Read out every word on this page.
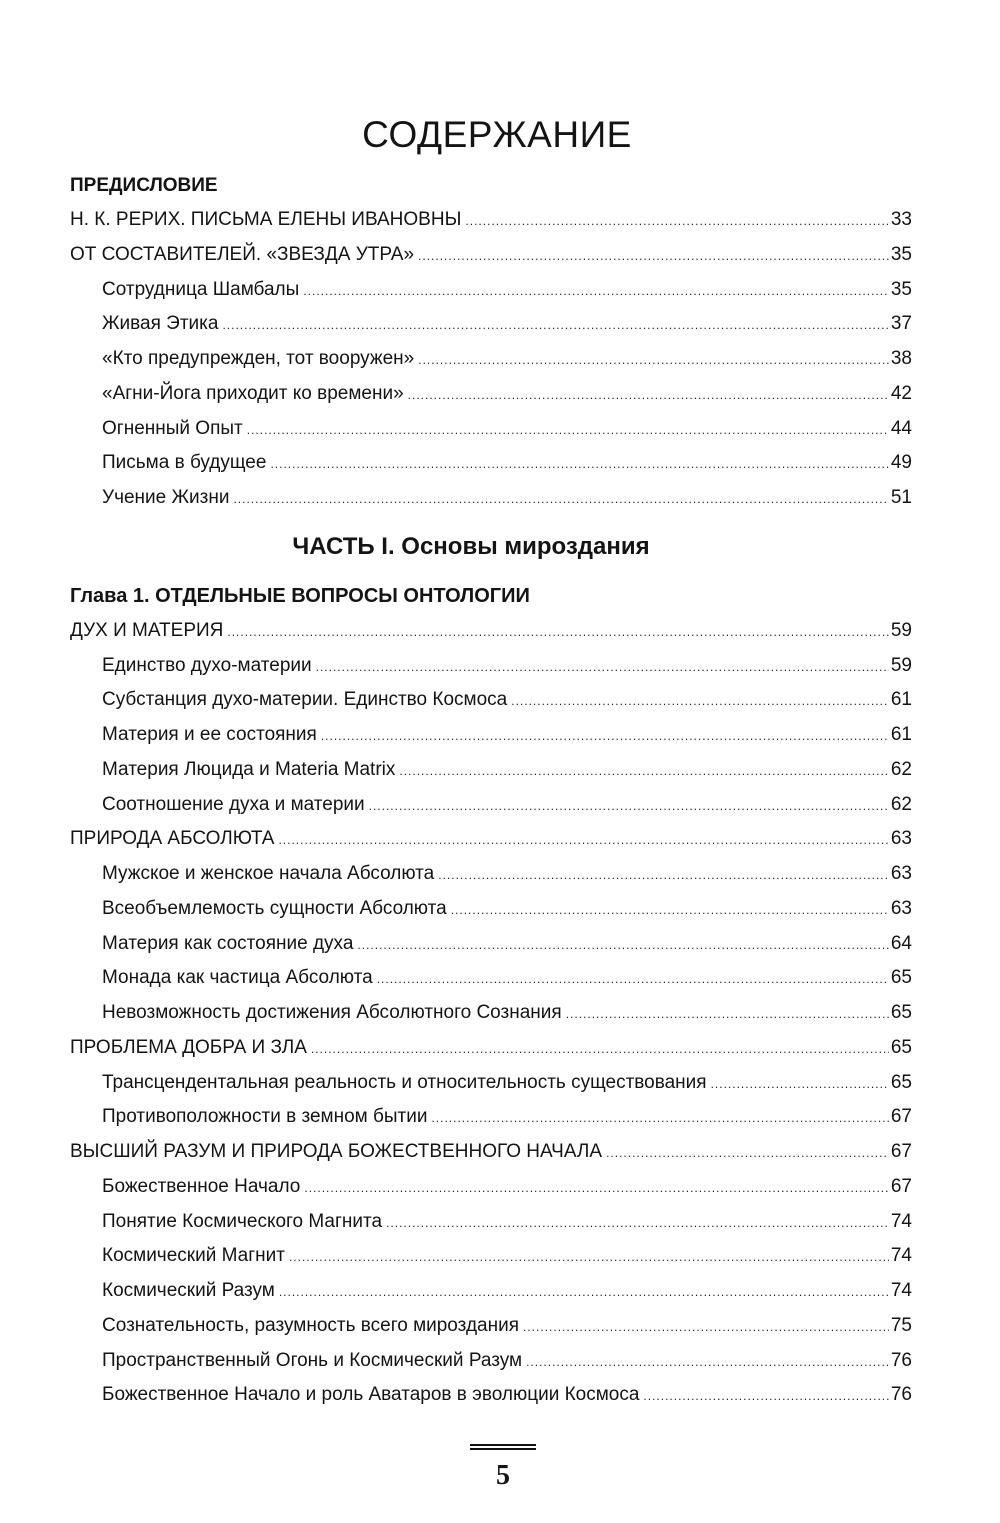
СОДЕРЖАНИЕ
ПРЕДИСЛОВИЕ
Н. К. РЕРИХ. ПИСЬМА ЕЛЕНЫ ИВАНОВНЫ .....	33
ОТ СОСТАВИТЕЛЕЙ. «ЗВЕЗДА УТРА» .....	35
Сотрудница Шамбалы .....	35
Живая Этика .....	37
«Кто предупрежден, тот вооружен» .....	38
«Агни-Йога приходит ко времени» .....	42
Огненный Опыт .....	44
Письма в будущее .....	49
Учение Жизни .....	51
ЧАСТЬ I. Основы мироздания
Глава 1. ОТДЕЛЬНЫЕ ВОПРОСЫ ОНТОЛОГИИ
ДУХ И МАТЕРИЯ .....	59
Единство духо-материи .....	59
Субстанция духо-материи. Единство Космоса .....	61
Материя и ее состояния .....	61
Материя Люцида и Materia Matrix .....	62
Соотношение духа и материи .....	62
ПРИРОДА АБСОЛЮТА .....	63
Мужское и женское начала Абсолюта .....	63
Всеобъемлемость сущности Абсолюта .....	63
Материя как состояние духа .....	64
Монада как частица Абсолюта .....	65
Невозможность достижения Абсолютного Сознания .....	65
ПРОБЛЕМА ДОБРА И ЗЛА .....	65
Трансцендентальная реальность и относительность существования .....	65
Противоположности в земном бытии .....	67
ВЫСШИЙ РАЗУМ И ПРИРОДА БОЖЕСТВЕННОГО НАЧАЛА .....	67
Божественное Начало .....	67
Понятие Космического Магнита .....	74
Космический Магнит .....	74
Космический Разум .....	74
Сознательность, разумность всего мироздания .....	75
Пространственный Огонь и Космический Разум .....	76
Божественное Начало и роль Аватаров в эволюции Космоса .....	76
5
